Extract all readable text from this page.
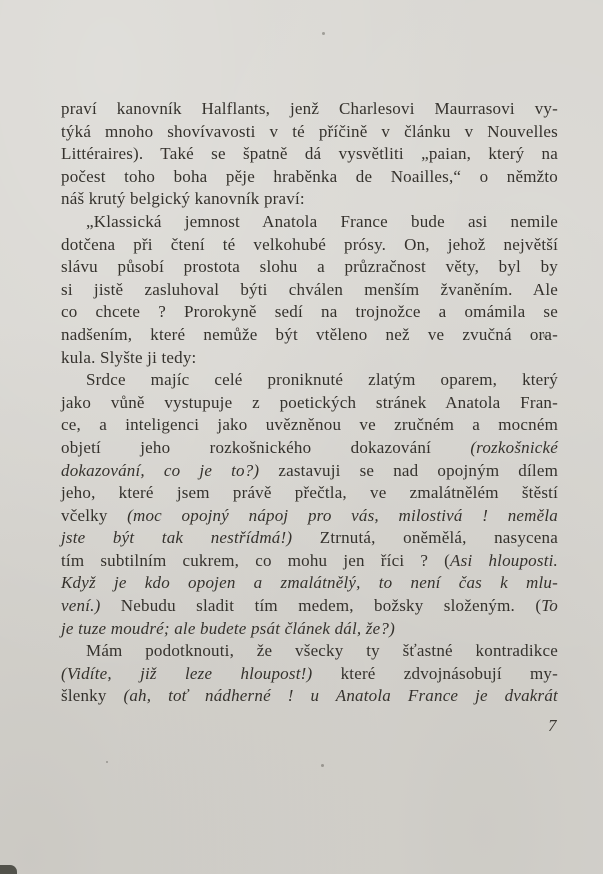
praví kanovník Halflants, jenž Charlesovi Maurrasovi vy-
týká mnoho shovívavosti v té příčině v článku v Nouvelles
Littéraires). Také se špatně dá vysvětliti „paian, který na
počest toho boha pěje hraběnka de Noailles,“ o němžto
náš krutý belgický kanovník praví:
„Klassická jemnost Anatola France bude asi nemile
dotčena při čtení té velkohubé prósy. On, jehož největší
slávu působí prostota slohu a průzračnost věty, byl by
si jistě zasluhoval býti chválen menším žvaněním. Ale
co chcete ? Prorokyně sedí na trojnožce a omámila se
nadšením, které nemůže být vtěleno než ve zvučná ora-
kula. Slyšte ji tedy:
Srdce majíc celé proniknuté zlatým oparem, který
jako vůně vystupuje z poetických stránek Anatola Fran-
ce, a inteligenci jako uvězněnou ve zručném a mocném
objetí jeho rozkošnického dokazování (rozkošnické
dokazování, co je to?) zastavuji se nad opojným dílem
jeho, které jsem právě přečtla, ve zmalátnělém štěstí
včelky (moc opojný nápoj pro vás, milostivá ! neměla
jste být tak nestřídmá!) Ztrnutá, oněmělá, nasycena
tím subtilním cukrem, co mohu jen říci ? (Asi hlouposti.
Když je kdo opojen a zmalátnělý, to není čas k mlu-
vení.) Nebudu sladit tím medem, božsky složeným. (To
je tuze moudré; ale budete psát článek dál, že?)
Mám podotknouti, že všecky ty šťastné kontradikce
(Vidíte, již leze hloupost!) které zdvojnásobují my-
šlenky (ah, toť nádherné ! u Anatola France je dvakrát
7
